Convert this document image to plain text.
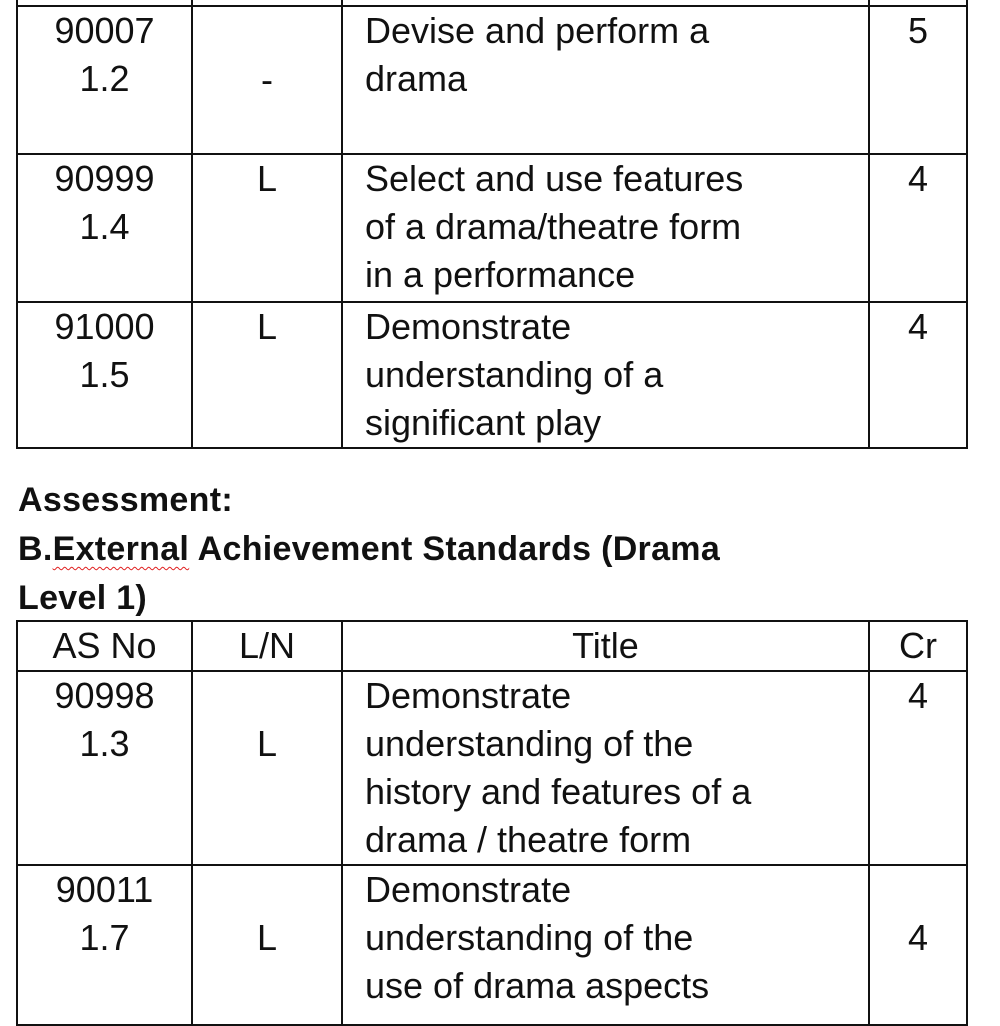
90007
1.2	-	Devise and perform a
drama	5

90999
1.4	L	Select and use features
of a drama/theatre form
in a performance	4

91000
1.5	L	Demonstrate
understanding of a
significant play	4
Assessment:
B.External Achievement Standards (Drama
Level 1)
AS No	L/N	Title	Cr

90998
1.3	L	Demonstrate
understanding of the
history and features of a
drama / theatre form	4

90011
1.7	L	Demonstrate
understanding of the
use of drama aspects	4
